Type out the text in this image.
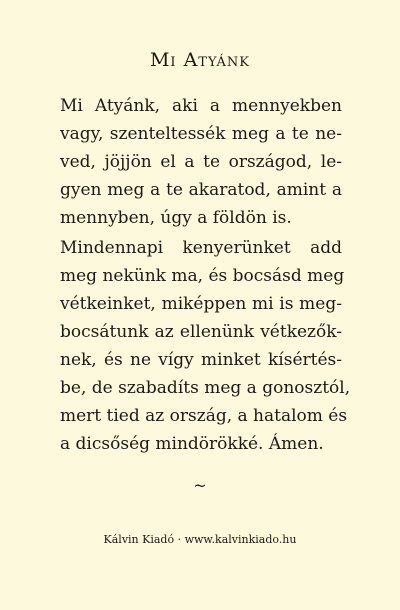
Mi Atyánk
Mi Atyánk, aki a mennyekben
vagy, szenteltessék meg a te ne-
ved, jöjjön el a te országod, le-
gyen meg a te akaratod, amint a
mennyben, úgy a földön is.
Mindennapi kenyerünket add
meg nekünk ma, és bocsásd meg
vétkeinket, miképpen mi is meg-
bocsátunk az ellenünk vétkezők-
nek, és ne vígy minket kísértés-
be, de szabadíts meg a gonosztól,
mert tied az ország, a hatalom és
a dicsőség mindörökké. Ámen.
~
Kálvin Kiadó · www.kalvinkiado.hu
